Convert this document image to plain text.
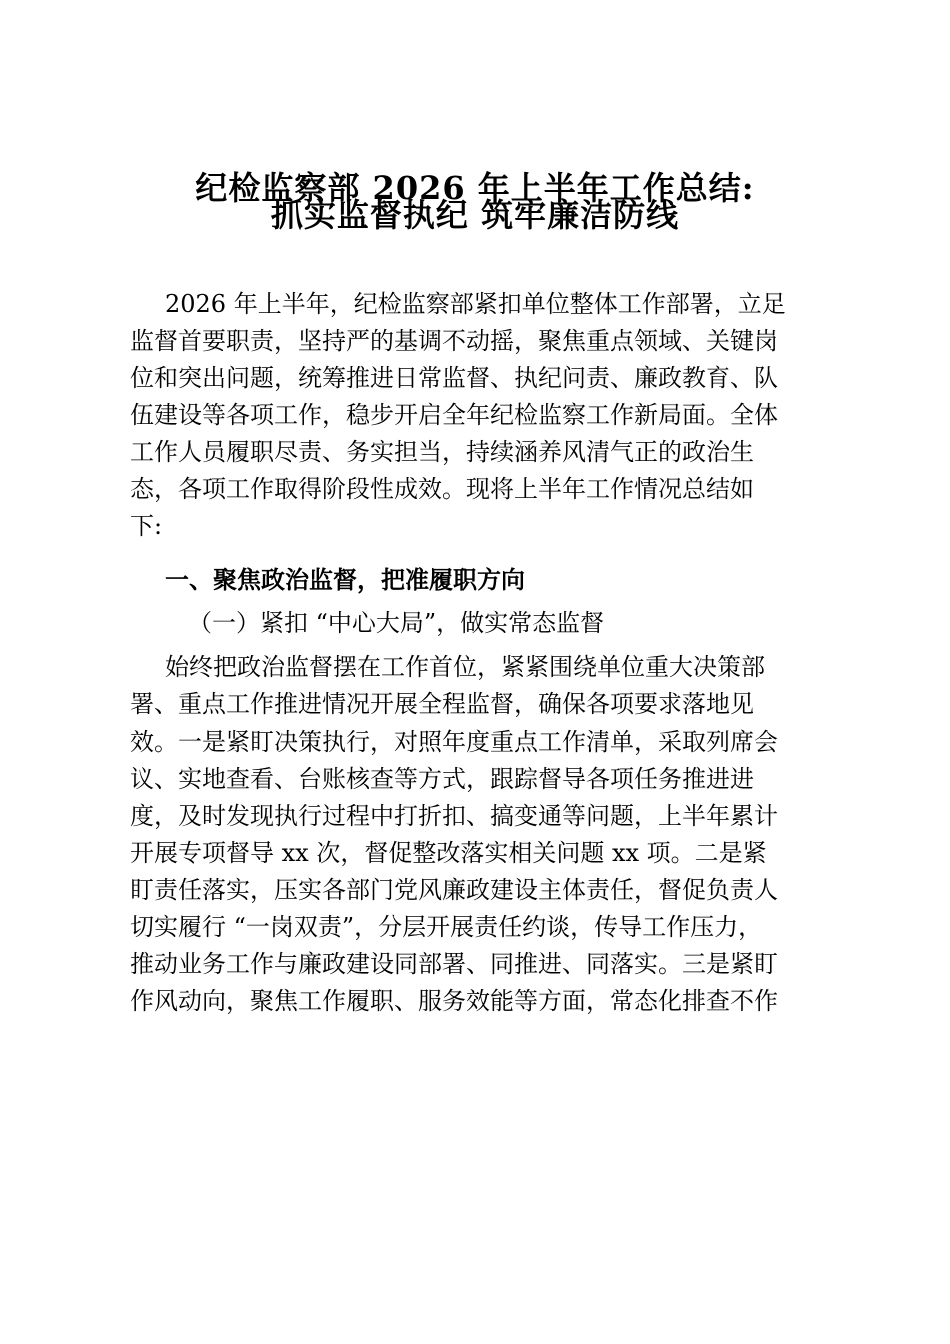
纪检监察部 2026 年上半年工作总结:
抓实监督执纪 筑牢廉洁防线
2026 年上半年，纪检监察部紧扣单位整体工作部署，立足
监督首要职责，坚持严的基调不动摇，聚焦重点领域、关键岗
位和突出问题，统筹推进日常监督、执纪问责、廉政教育、队
伍建设等各项工作，稳步开启全年纪检监察工作新局面。全体
工作人员履职尽责、务实担当，持续涵养风清气正的政治生
态，各项工作取得阶段性成效。现将上半年工作情况总结如
下:
一、聚焦政治监督，把准履职方向
（一）紧扣 “中心大局”，做实常态监督
始终把政治监督摆在工作首位，紧紧围绕单位重大决策部
署、重点工作推进情况开展全程监督，确保各项要求落地见
效。一是紧盯决策执行，对照年度重点工作清单，采取列席会
议、实地查看、台账核查等方式，跟踪督导各项任务推进进
度，及时发现执行过程中打折扣、搞变通等问题，上半年累计
开展专项督导 xx 次，督促整改落实相关问题 xx 项。二是紧
盯责任落实，压实各部门党风廉政建设主体责任，督促负责人
切实履行 “一岗双责”，分层开展责任约谈，传导工作压力，
推动业务工作与廉政建设同部署、同推进、同落实。三是紧盯
作风动向，聚焦工作履职、服务效能等方面，常态化排查不作
